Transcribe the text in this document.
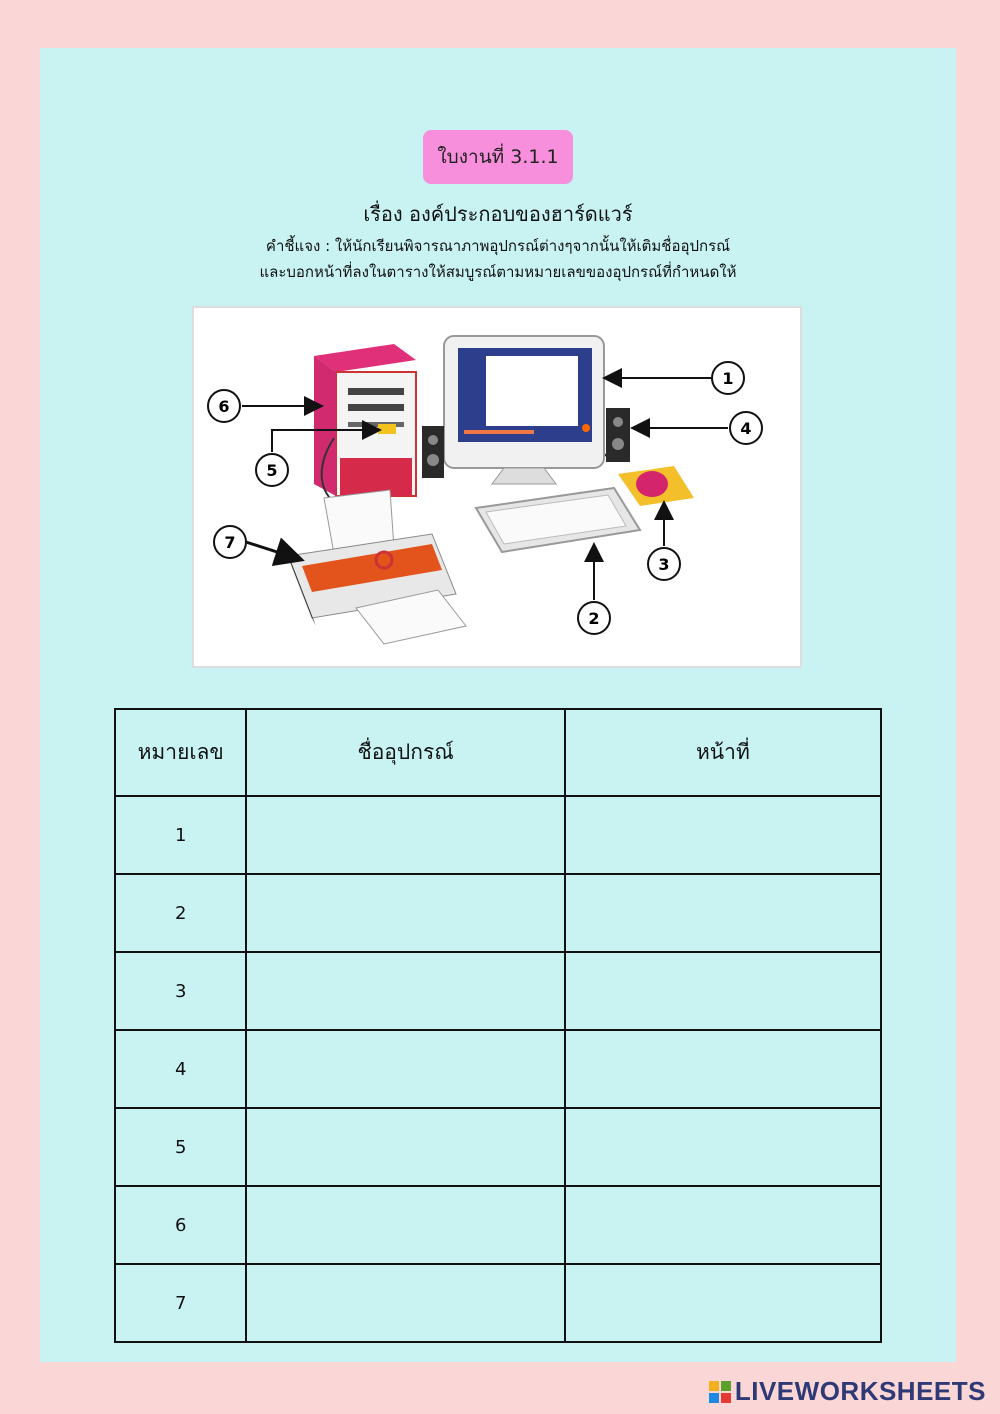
ใบงานที่ 3.1.1
เรื่อง องค์ประกอบของฮาร์ดแวร์
คำชี้แจง : ให้นักเรียนพิจารณาภาพอุปกรณ์ต่างๆจากนั้นให้เติมชื่ออุปกรณ์
และบอกหน้าที่ลงในตารางให้สมบูรณ์ตามหมายเลขของอุปกรณ์ที่กำหนดให้
1
4
3
2
6
5
7
หมายเลข	ชื่ออุปกรณ์	หน้าที่
1		
2		
3		
4		
5		
6		
7		
LIVEWORKSHEETS
